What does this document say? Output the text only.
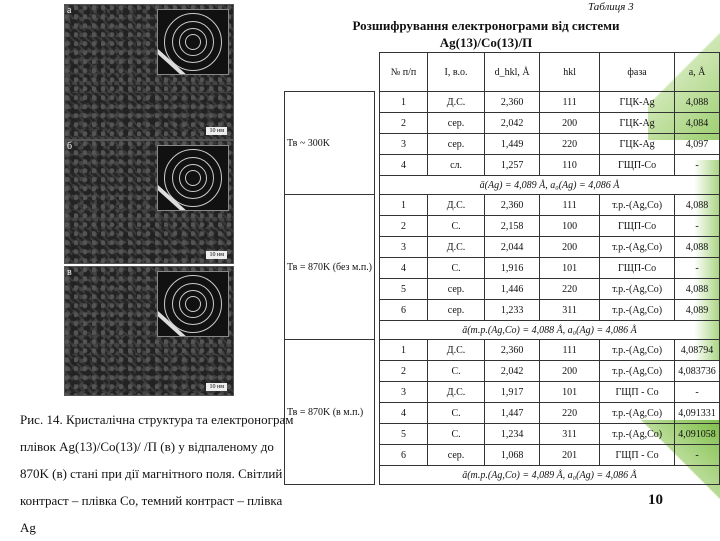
а
10 нм
б
10 нм
в
10 нм
Рис. 14. Кристалічна структура та електронограм плівок Ag(13)/Co(13)/ /П (в) у відпаленому до 870K (в) стані при дії магнітного поля. Світлий контраст – плівка Co, темний контраст – плівка Ag
Таблиця 3
Розшифрування електронограми від системи
Ag(13)/Co(13)/П
		№ п/п	I, в.о.	d_hkl, Å	hkl	фаза	a, Å
Тв ~ 300K		1	Д.С.	2,360	111	ГЦК-Ag	4,088
		2	сер.	2,042	200	ГЦК-Ag	4,084
		3	сер.	1,449	220	ГЦК-Ag	4,097
		4	сл.	1,257	110	ГЩП-Co	-
		ā(Ag) = 4,089 Å, a₀(Ag) = 4,086 Å					
Тв = 870K (без м.п.)		1	Д.С.	2,360	111	т.р.-(Ag,Co)	4,088
		2	С.	2,158	100	ГЩП-Co	-
		3	Д.С.	2,044	200	т.р.-(Ag,Co)	4,088
		4	С.	1,916	101	ГЩП-Co	-
		5	сер.	1,446	220	т.р.-(Ag,Co)	4,088
		6	сер.	1,233	311	т.р.-(Ag,Co)	4,089
		ā(т.р.(Ag,Co) = 4,088 Å, a₀(Ag) = 4,086 Å					
Тв = 870K (в м.п.)		1	Д.С.	2,360	111	т.р.-(Ag,Co)	4,08794
		2	С.	2,042	200	т.р.-(Ag,Co)	4,083736
		3	Д.С.	1,917	101	ГЩП - Co	-
		4	С.	1,447	220	т.р.-(Ag,Co)	4,091331
		5	С.	1,234	311	т.р.-(Ag,Co)	4,091058
		6	сер.	1,068	201	ГЩП - Co	-
		ā(т.р.(Ag,Co) = 4,089 Å, a₀(Ag) = 4,086 Å					
10
